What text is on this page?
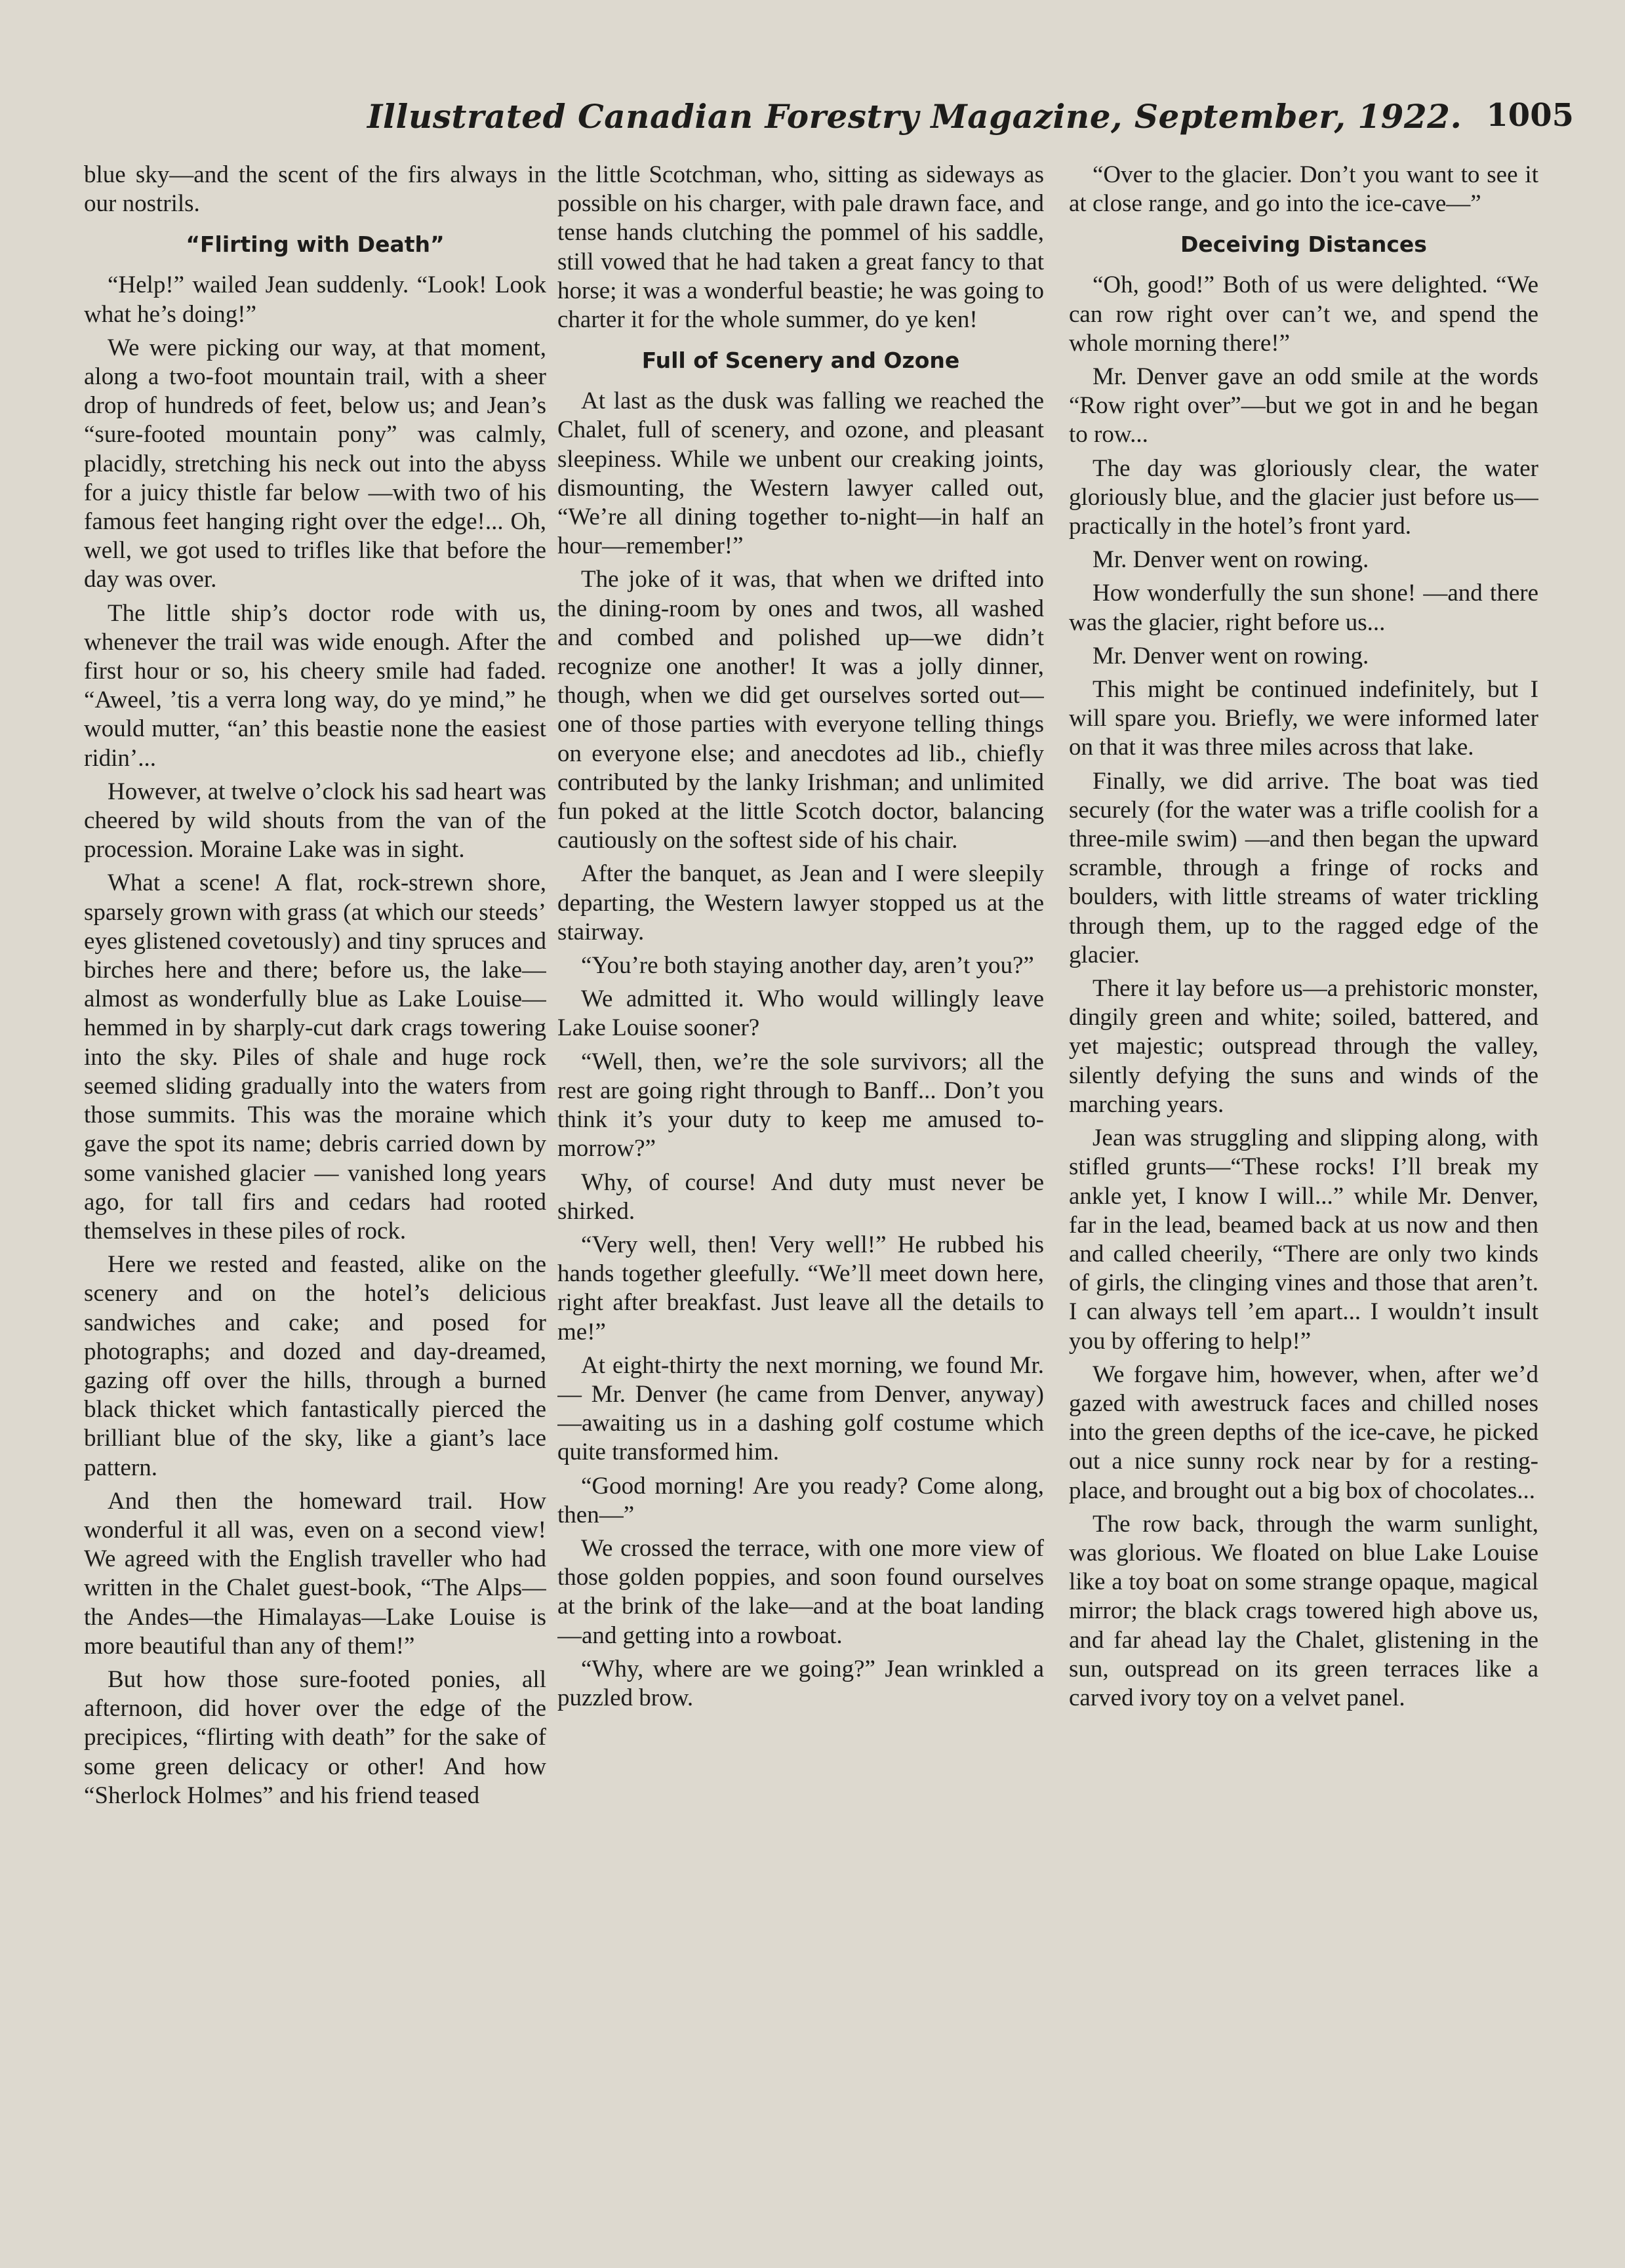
Illustrated Canadian Forestry Magazine, September, 1922. 1005

blue sky—and the scent of the firs always in our nostrils.

“Flirting with Death”

“Help!” wailed Jean suddenly. “Look! Look what he’s doing!”

We were picking our way, at that moment, along a two-foot mountain trail, with a sheer drop of hundreds of feet, below us; and Jean’s “sure-footed mountain pony” was calmly, placidly, stretching his neck out into the abyss for a juicy thistle far below —with two of his famous feet hanging right over the edge!... Oh, well, we got used to trifles like that before the day was over.

The little ship’s doctor rode with us, whenever the trail was wide enough. After the first hour or so, his cheery smile had faded. “Aweel, ’tis a verra long way, do ye mind,” he would mutter, “an’ this beastie none the easiest ridin’...

However, at twelve o’clock his sad heart was cheered by wild shouts from the van of the procession. Moraine Lake was in sight.

What a scene! A flat, rock-strewn shore, sparsely grown with grass (at which our steeds’ eyes glistened covetously) and tiny spruces and birches here and there; before us, the lake—almost as wonderfully blue as Lake Louise—hemmed in by sharply-cut dark crags towering into the sky. Piles of shale and huge rock seemed sliding gradually into the waters from those summits. This was the moraine which gave the spot its name; debris carried down by some vanished glacier — vanished long years ago, for tall firs and cedars had rooted themselves in these piles of rock.

Here we rested and feasted, alike on the scenery and on the hotel’s delicious sandwiches and cake; and posed for photographs; and dozed and day-dreamed, gazing off over the hills, through a burned black thicket which fantastically pierced the brilliant blue of the sky, like a giant’s lace pattern.

And then the homeward trail. How wonderful it all was, even on a second view! We agreed with the English traveller who had written in the Chalet guest-book, “The Alps—the Andes—the Himalayas—Lake Louise is more beautiful than any of them!”

But how those sure-footed ponies, all afternoon, did hover over the edge of the precipices, “flirting with death” for the sake of some green delicacy or other! And how “Sherlock Holmes” and his friend teased

the little Scotchman, who, sitting as sideways as possible on his charger, with pale drawn face, and tense hands clutching the pommel of his saddle, still vowed that he had taken a great fancy to that horse; it was a wonderful beastie; he was going to charter it for the whole summer, do ye ken!

Full of Scenery and Ozone

At last as the dusk was falling we reached the Chalet, full of scenery, and ozone, and pleasant sleepiness. While we unbent our creaking joints, dismounting, the Western lawyer called out, “We’re all dining together to-night—in half an hour—remember!”

The joke of it was, that when we drifted into the dining-room by ones and twos, all washed and combed and polished up—we didn’t recognize one another! It was a jolly dinner, though, when we did get ourselves sorted out—one of those parties with everyone telling things on everyone else; and anecdotes ad lib., chiefly contributed by the lanky Irishman; and unlimited fun poked at the little Scotch doctor, balancing cautiously on the softest side of his chair.

After the banquet, as Jean and I were sleepily departing, the Western lawyer stopped us at the stairway.

“You’re both staying another day, aren’t you?”

We admitted it. Who would willingly leave Lake Louise sooner?

“Well, then, we’re the sole survivors; all the rest are going right through to Banff... Don’t you think it’s your duty to keep me amused to-morrow?”

Why, of course! And duty must never be shirked.

“Very well, then! Very well!” He rubbed his hands together gleefully. “We’ll meet down here, right after breakfast. Just leave all the details to me!”

At eight-thirty the next morning, we found Mr.— Mr. Denver (he came from Denver, anyway) —awaiting us in a dashing golf costume which quite transformed him.

“Good morning! Are you ready? Come along, then—”

We crossed the terrace, with one more view of those golden poppies, and soon found ourselves at the brink of the lake—and at the boat landing—and getting into a rowboat.

“Why, where are we going?” Jean wrinkled a puzzled brow.

“Over to the glacier. Don’t you want to see it at close range, and go into the ice-cave—”

Deceiving Distances

“Oh, good!” Both of us were delighted. “We can row right over can’t we, and spend the whole morning there!”

Mr. Denver gave an odd smile at the words “Row right over”—but we got in and he began to row...

The day was gloriously clear, the water gloriously blue, and the glacier just before us—practically in the hotel’s front yard.

Mr. Denver went on rowing.

How wonderfully the sun shone! —and there was the glacier, right before us...

Mr. Denver went on rowing.

This might be continued indefinitely, but I will spare you. Briefly, we were informed later on that it was three miles across that lake.

Finally, we did arrive. The boat was tied securely (for the water was a trifle coolish for a three-mile swim) —and then began the upward scramble, through a fringe of rocks and boulders, with little streams of water trickling through them, up to the ragged edge of the glacier.

There it lay before us—a prehistoric monster, dingily green and white; soiled, battered, and yet majestic; outspread through the valley, silently defying the suns and winds of the marching years.

Jean was struggling and slipping along, with stifled grunts—“These rocks! I’ll break my ankle yet, I know I will...” while Mr. Denver, far in the lead, beamed back at us now and then and called cheerily, “There are only two kinds of girls, the clinging vines and those that aren’t. I can always tell ’em apart... I wouldn’t insult you by offering to help!”

We forgave him, however, when, after we’d gazed with awestruck faces and chilled noses into the green depths of the ice-cave, he picked out a nice sunny rock near by for a resting-place, and brought out a big box of chocolates...

The row back, through the warm sunlight, was glorious. We floated on blue Lake Louise like a toy boat on some strange opaque, magical mirror; the black crags towered high above us, and far ahead lay the Chalet, glistening in the sun, outspread on its green terraces like a carved ivory toy on a velvet panel.
